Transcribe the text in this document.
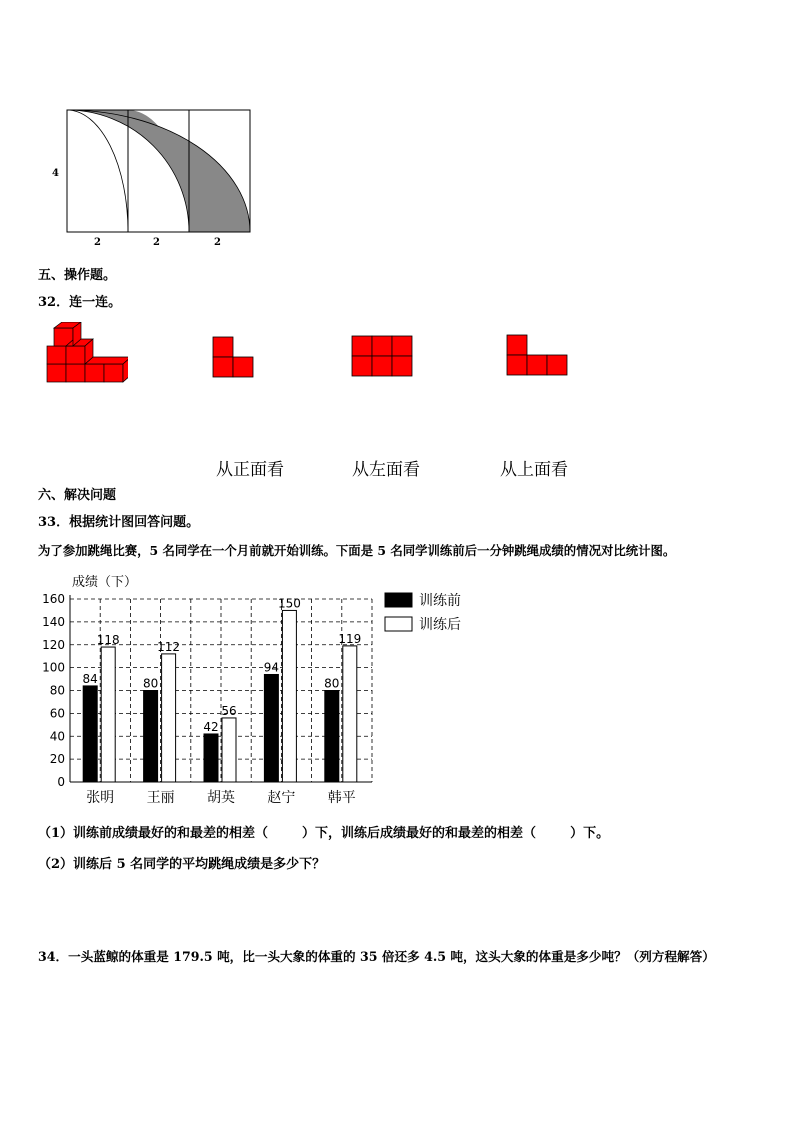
4
2	2	2
五、操作题。
32．连一连。
从正面看	从左面看	从上面看
六、解决问题
33．根据统计图回答问题。
为了参加跳绳比赛，5 名同学在一个月前就开始训练。下面是 5 名同学训练前后一分钟跳绳成绩的情况对比统计图。
0
20
40
60
80
100
120
140
160
成绩（下）
84
118
张明
80
112
王丽
42
56
胡英
94
150
赵宁
80
119
韩平
训练前
训练后
（1）训练前成绩最好的和最差的相差（	）下，训练后成绩最好的和最差的相差（	）下。
（2）训练后 5 名同学的平均跳绳成绩是多少下？
34．一头蓝鲸的体重是 179.5 吨，比一头大象的体重的 35 倍还多 4.5 吨，这头大象的体重是多少吨？（列方程解答）
